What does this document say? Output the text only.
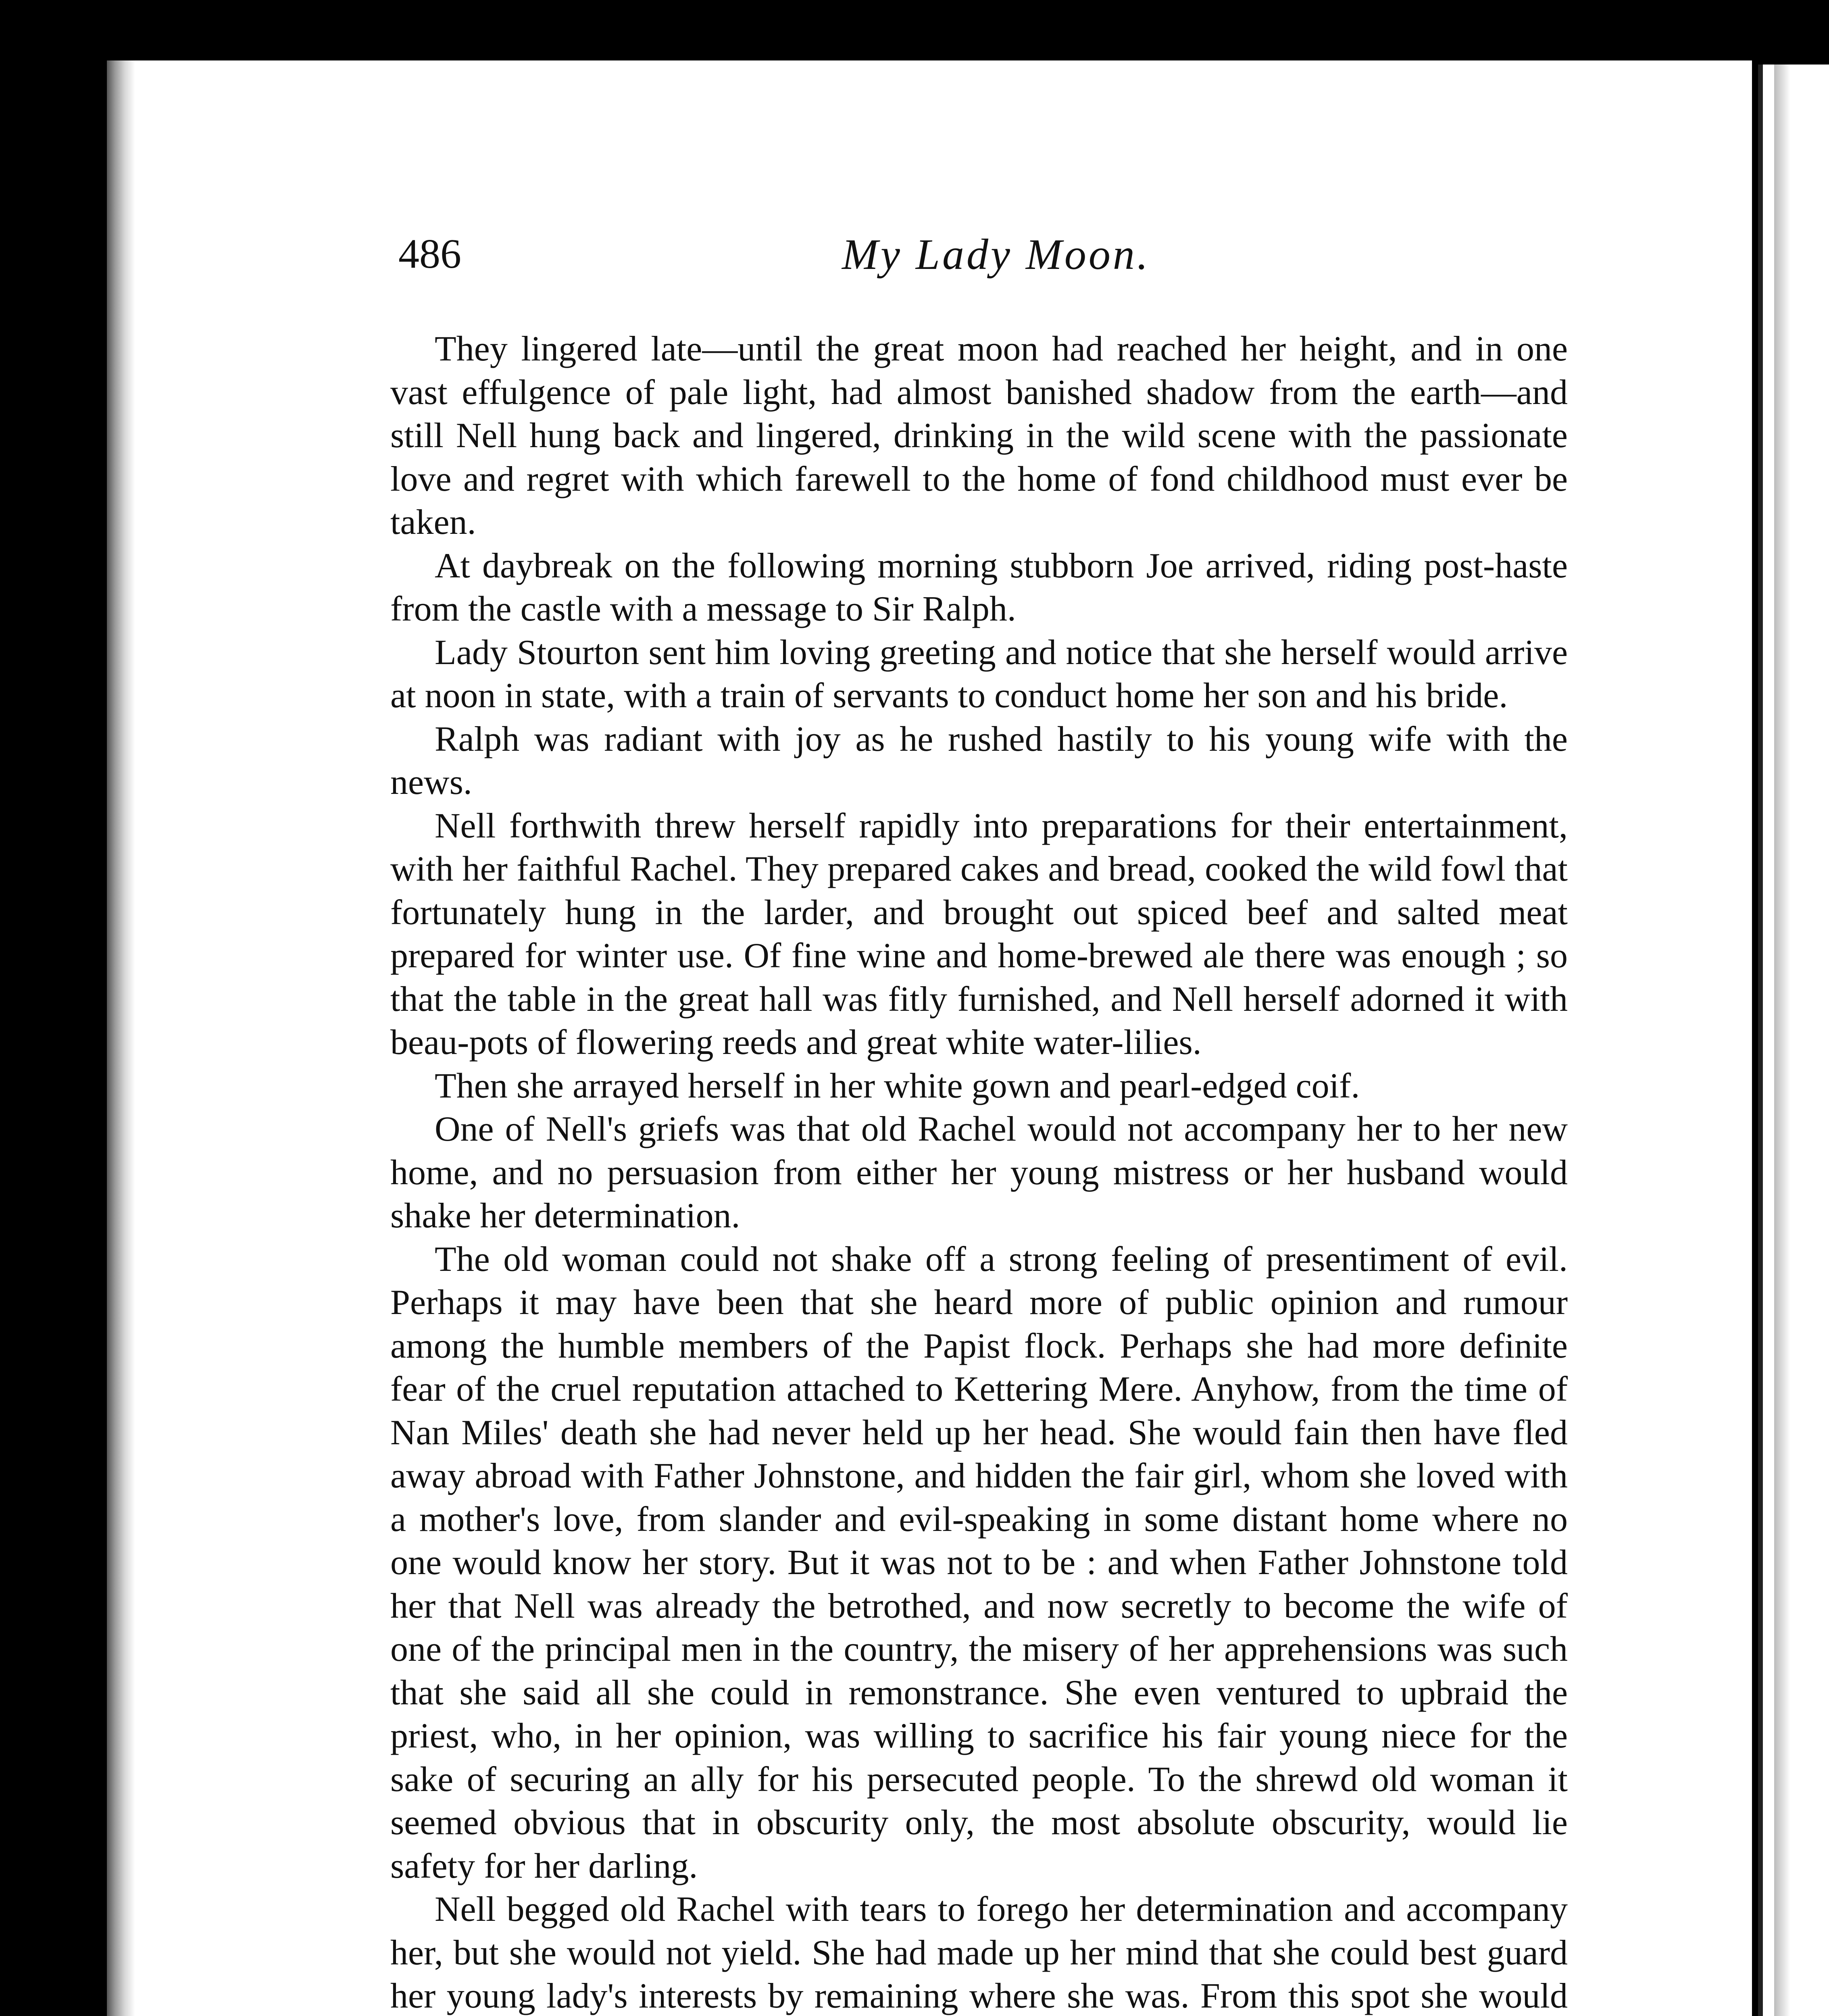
486	My Lady Moon.

They lingered late—until the great moon had reached her height, and in one vast effulgence of pale light, had almost banished shadow from the earth—and still Nell hung back and lingered, drinking in the wild scene with the passionate love and regret with which farewell to the home of fond childhood must ever be taken.

At daybreak on the following morning stubborn Joe arrived, riding post-haste from the castle with a message to Sir Ralph.

Lady Stourton sent him loving greeting and notice that she herself would arrive at noon in state, with a train of servants to conduct home her son and his bride.

Ralph was radiant with joy as he rushed hastily to his young wife with the news.

Nell forthwith threw herself rapidly into preparations for their entertainment, with her faithful Rachel. They prepared cakes and bread, cooked the wild fowl that fortunately hung in the larder, and brought out spiced beef and salted meat prepared for winter use. Of fine wine and home-brewed ale there was enough ; so that the table in the great hall was fitly furnished, and Nell herself adorned it with beau-pots of flowering reeds and great white water-lilies.

Then she arrayed herself in her white gown and pearl-edged coif.

One of Nell's griefs was that old Rachel would not accompany her to her new home, and no persuasion from either her young mistress or her husband would shake her determination.

The old woman could not shake off a strong feeling of presentiment of evil. Perhaps it may have been that she heard more of public opinion and rumour among the humble members of the Papist flock. Perhaps she had more definite fear of the cruel reputation attached to Kettering Mere. Anyhow, from the time of Nan Miles' death she had never held up her head. She would fain then have fled away abroad with Father Johnstone, and hidden the fair girl, whom she loved with a mother's love, from slander and evil-speaking in some distant home where no one would know her story. But it was not to be : and when Father Johnstone told her that Nell was already the betrothed, and now secretly to become the wife of one of the principal men in the country, the misery of her apprehensions was such that she said all she could in remonstrance. She even ventured to upbraid the priest, who, in her opinion, was willing to sacrifice his fair young niece for the sake of securing an ally for his persecuted people. To the shrewd old woman it seemed obvious that in obscurity only, the most absolute obscurity, would lie safety for her darling.

Nell begged old Rachel with tears to forego her determination and accompany her, but she would not yield. She had made up her mind that she could best guard her young lady's interests by remaining where she was. From this spot she would
